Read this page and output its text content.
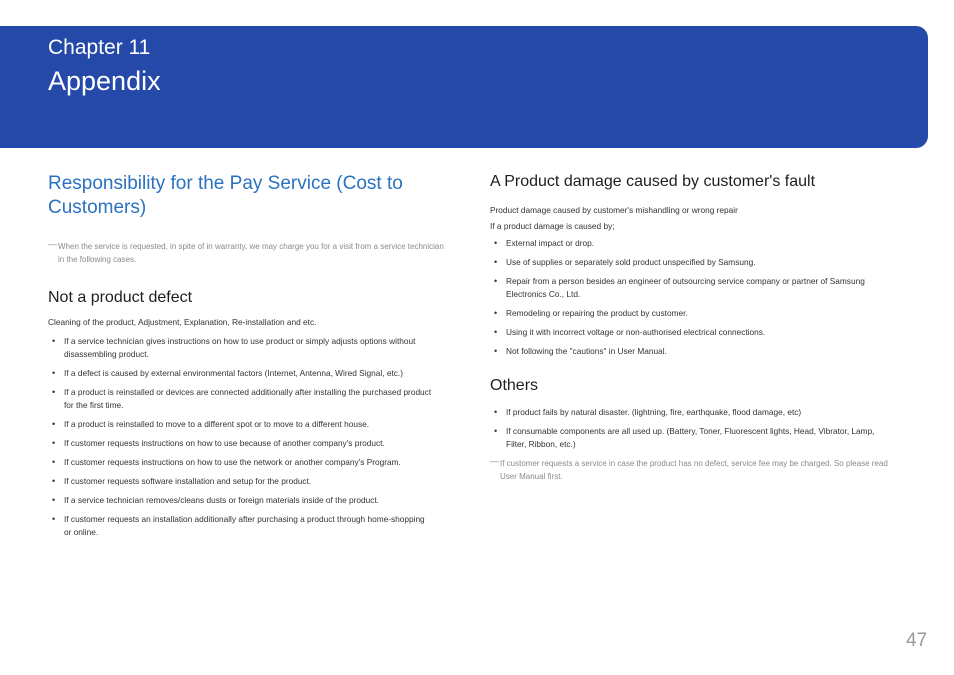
Chapter 11
Appendix
Responsibility for the Pay Service (Cost to
Customers)
― When the service is requested, in spite of in warranty, we may charge you for a visit from a service technician
in the following cases.
Not a product defect
Cleaning of the product, Adjustment, Explanation, Re-installation and etc.
• If a service technician gives instructions on how to use product or simply adjusts options without
disassembling product.
• If a defect is caused by external environmental factors (Internet, Antenna, Wired Signal, etc.)
• If a product is reinstalled or devices are connected additionally after installing the purchased product
for the first time.
• If a product is reinstalled to move to a different spot or to move to a different house.
• If customer requests instructions on how to use because of another company's product.
• If customer requests instructions on how to use the network or another company's Program.
• If customer requests software installation and setup for the product.
• If a service technician removes/cleans dusts or foreign materials inside of the product.
• If customer requests an installation additionally after purchasing a product through home-shopping
or online.
A Product damage caused by customer's fault
Product damage caused by customer's mishandling or wrong repair
If a product damage is caused by;
• External impact or drop.
• Use of supplies or separately sold product unspecified by Samsung.
• Repair from a person besides an engineer of outsourcing service company or partner of Samsung
Electronics Co., Ltd.
• Remodeling or repairing the product by customer.
• Using it with incorrect voltage or non-authorised electrical connections.
• Not following the "cautions" in User Manual.
Others
• If product fails by natural disaster. (lightning, fire, earthquake, flood damage, etc)
• If consumable components are all used up. (Battery, Toner, Fluorescent lights, Head, Vibrator, Lamp,
Filter, Ribbon, etc.)
― If customer requests a service in case the product has no defect, service fee may be charged. So please read
User Manual first.
47
